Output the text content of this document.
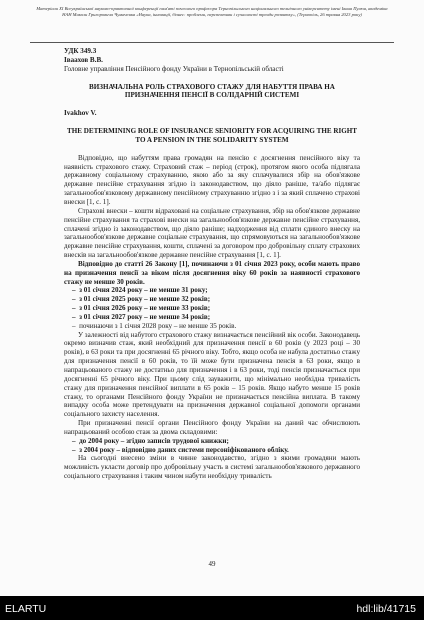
Матеріали XI Всеукраїнської науково-практичної конференції пам'яті почесного професора Тернопільського національного технічного університету імені Івана Пулюя, академіка НАН Миколи Григоровича Чумаченка «Наука, інновації, бізнес: проблеми, перспективи і сучасності тренди розвитку», (Тернопіль, 26 травня 2023 року)

УДК 349.3

Іваахов В.В.

Головне управління Пенсійного фонду України в Тернопільській області

ВИЗНАЧАЛЬНА РОЛЬ СТРАХОВОГО СТАЖУ ДЛЯ НАБУТТЯ ПРАВА НА ПРИЗНАЧЕННЯ ПЕНСІЇ В СОЛІДАРНІЙ СИСТЕМІ

Ivakhov V.

THE DETERMINING ROLE OF INSURANCE SENIORITY FOR ACQUIRING THE RIGHT TO A PENSION IN THE SOLIDARITY SYSTEM

Відповідно, що набуттям права громадян на пенсію є досягнення пенсійного віку та наявність страхового стажу. Страховий стаж – період (строк), протягом якого особа підлягала державному соціальному страхуванню, якою або за яку сплачувалися збір на обов'язкове державне пенсійне страхування згідно із законодавством, що діяло раніше, та/або підлягає загальнообов'язковому державному пенсійному страхуванню згідно з і за який сплачено страхові внески [1, с. 1].

Страхові внески – кошти відраховані на соціальне страхування, збір на обов'язкове державне пенсійне страхування та страхові внески на загальнообов'язкове державне пенсійне страхування, сплачені згідно із законодавством, що діяло раніше; надходження від сплати єдиного внеску на загальнообов'язкове державне соціальне страхування, що спрямовуються на загальнообов'язкове державне пенсійне страхування, кошти, сплачені за договором про добровільну сплату страхових внесків на загальнообов'язкове державне пенсійне страхування [1, с. 1].

Відповідно до статті 26 Закону [1], починаючи з 01 січня 2023 року, особи мають право на призначення пенсії за віком після досягнення віку 60 років за наявності страхового стажу не менше 30 років.

–  з 01 січня 2024 року – не менше 31 року;

–  з 01 січня 2025 року – не менше 32 років;

–  з 01 січня 2026 року – не менше 33 років;

–  з 01 січня 2027 року – не менше 34 років;

–  починаючи з 1 січня 2028 року – не менше 35 років.

У залежності від набутого страхового стажу визначається пенсійний вік особи. Законодавець окремо визначив стаж, який необхідний для призначення пенсії в 60 років (у 2023 році – 30 років), в 63 роки та при досягненні 65 річного віку. Тобто, якщо особа не набула достатньо стажу для призначення пенсії в 60 років, то їй може бути призначена пенсія в 63 роки, якщо в напрацьованого стажу не достатньо для призначення і в 63 роки, тоді пенсія призначається при досягненні 65 річного віку. При цьому слід зауважити, що мінімально необхідна тривалість стажу для призначення пенсійної виплати в 65 років – 15 років. Якщо набуто менше 15 років стажу, то органами Пенсійного фонду України не призначається пенсійна виплата. В такому випадку особа може претендувати на призначення державної соціальної допомоги органами соціального захисту населення.

При призначенні пенсії органи Пенсійного фонду України на даний час обчислюють напрацьований особою стаж за двома складовими:

–  до 2004 року – згідно записів трудової книжки;

–  з 2004 року – відповідно даних системи персоніфікованого обліку.

На сьогодні внесено зміни в чинне законодавство, згідно з якими громадяни мають можливість укласти договір про добровільну участь в системі загальнообов'язкового державного соціального страхування і таким чином набути необхідну тривалість

49
ELARTU	hdl:lib/41715
